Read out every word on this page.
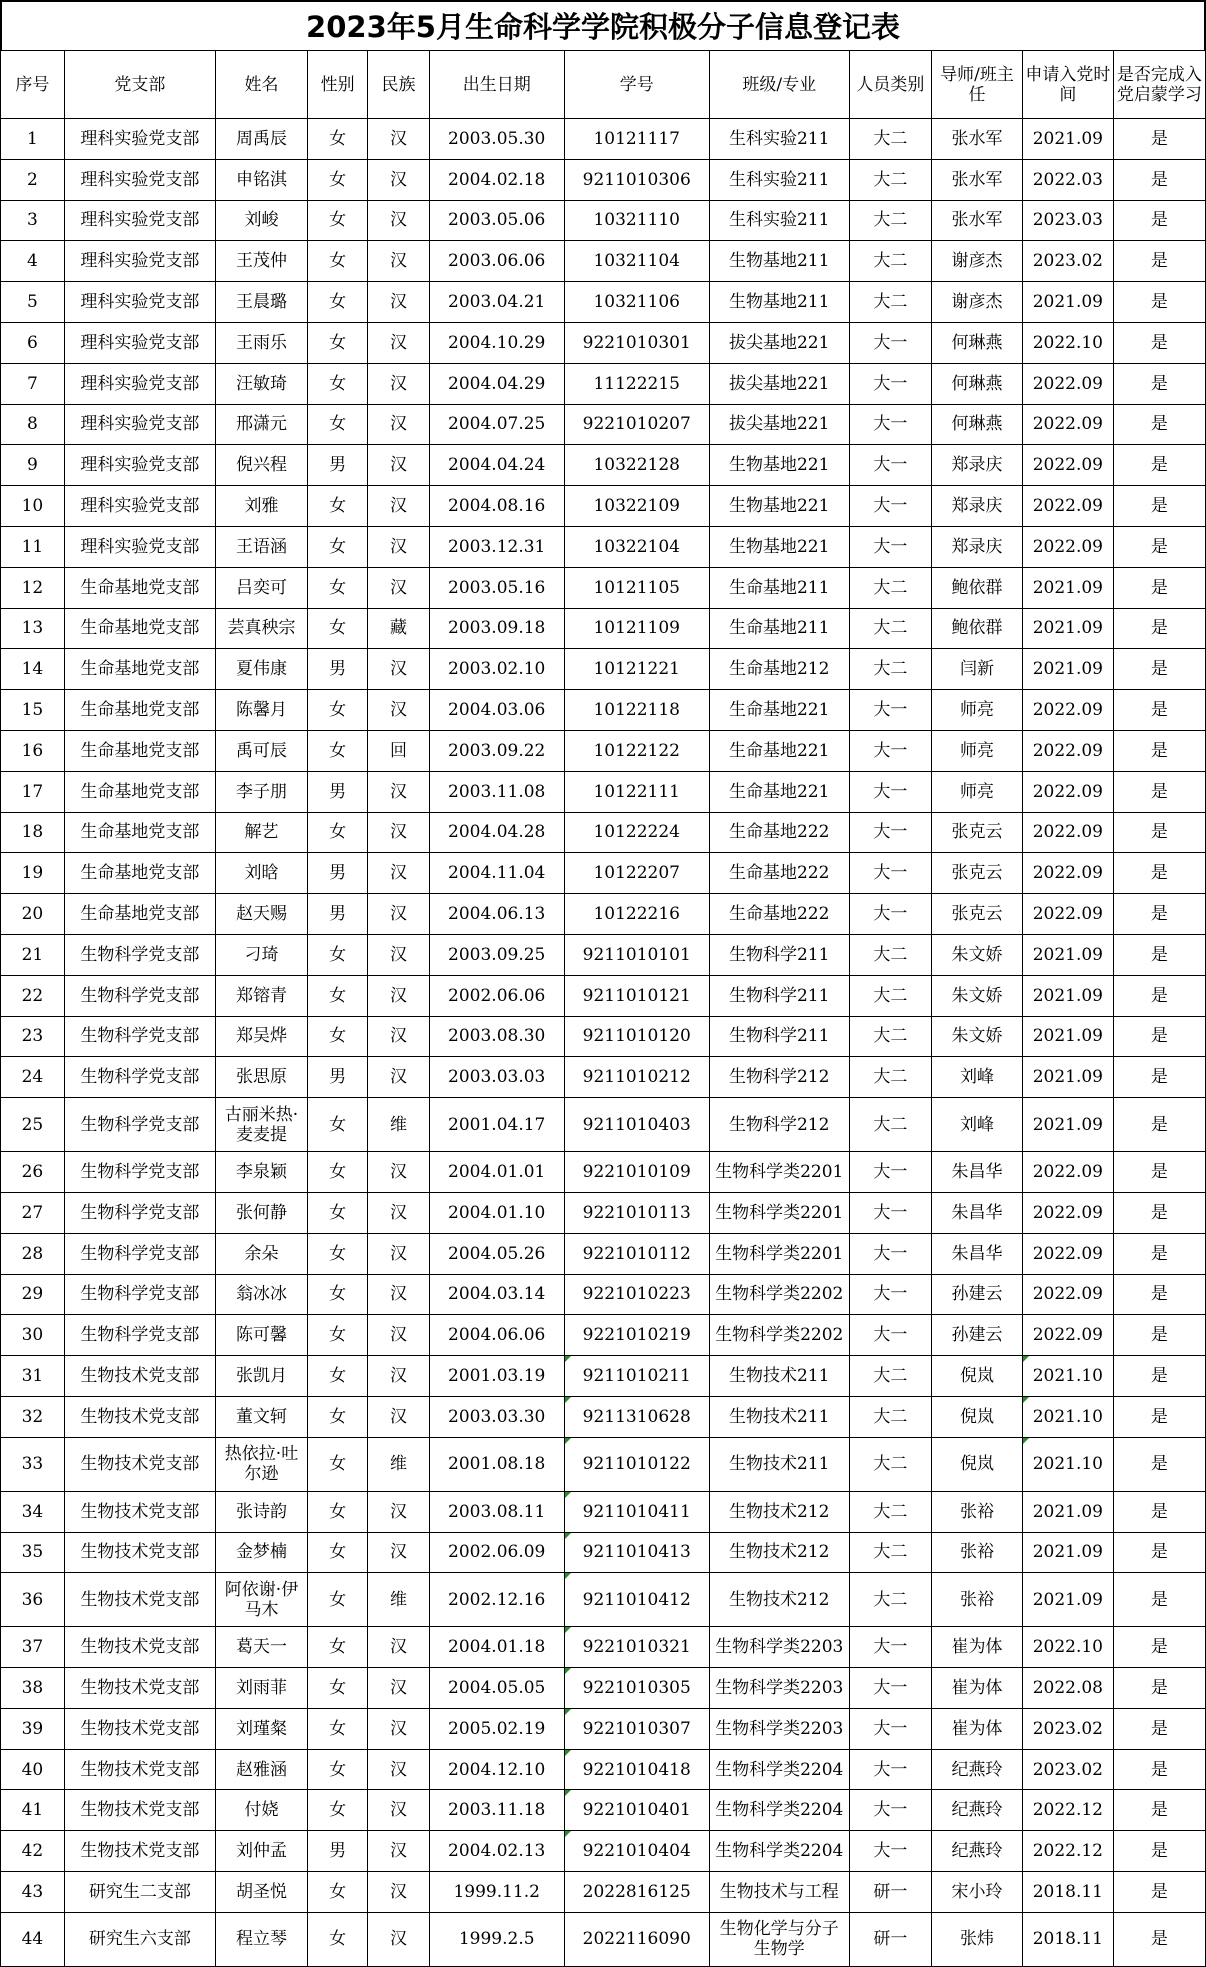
2023年5月生命科学学院积极分子信息登记表
序号	党支部	姓名	性别	民族	出生日期	学号	班级/专业	人员类别	导师/班主任	申请入党时间	是否完成入党启蒙学习
1	理科实验党支部	周禹辰	女	汉	2003.05.30	10121117	生科实验211	大二	张水军	2021.09	是
2	理科实验党支部	申铭淇	女	汉	2004.02.18	9211010306	生科实验211	大二	张水军	2022.03	是
3	理科实验党支部	刘峻	女	汉	2003.05.06	10321110	生科实验211	大二	张水军	2023.03	是
4	理科实验党支部	王茂仲	女	汉	2003.06.06	10321104	生物基地211	大二	谢彦杰	2023.02	是
5	理科实验党支部	王晨璐	女	汉	2003.04.21	10321106	生物基地211	大二	谢彦杰	2021.09	是
6	理科实验党支部	王雨乐	女	汉	2004.10.29	9221010301	拔尖基地221	大一	何琳燕	2022.10	是
7	理科实验党支部	汪敏琦	女	汉	2004.04.29	11122215	拔尖基地221	大一	何琳燕	2022.09	是
8	理科实验党支部	邢潇元	女	汉	2004.07.25	9221010207	拔尖基地221	大一	何琳燕	2022.09	是
9	理科实验党支部	倪兴程	男	汉	2004.04.24	10322128	生物基地221	大一	郑录庆	2022.09	是
10	理科实验党支部	刘雅	女	汉	2004.08.16	10322109	生物基地221	大一	郑录庆	2022.09	是
11	理科实验党支部	王语涵	女	汉	2003.12.31	10322104	生物基地221	大一	郑录庆	2022.09	是
12	生命基地党支部	吕奕可	女	汉	2003.05.16	10121105	生命基地211	大二	鲍依群	2021.09	是
13	生命基地党支部	芸真秧宗	女	藏	2003.09.18	10121109	生命基地211	大二	鲍依群	2021.09	是
14	生命基地党支部	夏伟康	男	汉	2003.02.10	10121221	生命基地212	大二	闫新	2021.09	是
15	生命基地党支部	陈馨月	女	汉	2004.03.06	10122118	生命基地221	大一	师亮	2022.09	是
16	生命基地党支部	禹可辰	女	回	2003.09.22	10122122	生命基地221	大一	师亮	2022.09	是
17	生命基地党支部	李子朋	男	汉	2003.11.08	10122111	生命基地221	大一	师亮	2022.09	是
18	生命基地党支部	解艺	女	汉	2004.04.28	10122224	生命基地222	大一	张克云	2022.09	是
19	生命基地党支部	刘晗	男	汉	2004.11.04	10122207	生命基地222	大一	张克云	2022.09	是
20	生命基地党支部	赵天赐	男	汉	2004.06.13	10122216	生命基地222	大一	张克云	2022.09	是
21	生物科学党支部	刁琦	女	汉	2003.09.25	9211010101	生物科学211	大二	朱文娇	2021.09	是
22	生物科学党支部	郑镕青	女	汉	2002.06.06	9211010121	生物科学211	大二	朱文娇	2021.09	是
23	生物科学党支部	郑吴烨	女	汉	2003.08.30	9211010120	生物科学211	大二	朱文娇	2021.09	是
24	生物科学党支部	张思原	男	汉	2003.03.03	9211010212	生物科学212	大二	刘峰	2021.09	是
25	生物科学党支部	古丽米热·麦麦提	女	维	2001.04.17	9211010403	生物科学212	大二	刘峰	2021.09	是
26	生物科学党支部	李泉颖	女	汉	2004.01.01	9221010109	生物科学类2201	大一	朱昌华	2022.09	是
27	生物科学党支部	张何静	女	汉	2004.01.10	9221010113	生物科学类2201	大一	朱昌华	2022.09	是
28	生物科学党支部	余朵	女	汉	2004.05.26	9221010112	生物科学类2201	大一	朱昌华	2022.09	是
29	生物科学党支部	翁冰冰	女	汉	2004.03.14	9221010223	生物科学类2202	大一	孙建云	2022.09	是
30	生物科学党支部	陈可馨	女	汉	2004.06.06	9221010219	生物科学类2202	大一	孙建云	2022.09	是
31	生物技术党支部	张凯月	女	汉	2001.03.19	9211010211	生物技术211	大二	倪岚	2021.10	是
32	生物技术党支部	董文轲	女	汉	2003.03.30	9211310628	生物技术211	大二	倪岚	2021.10	是
33	生物技术党支部	热依拉·吐尔逊	女	维	2001.08.18	9211010122	生物技术211	大二	倪岚	2021.10	是
34	生物技术党支部	张诗韵	女	汉	2003.08.11	9211010411	生物技术212	大二	张裕	2021.09	是
35	生物技术党支部	金梦楠	女	汉	2002.06.09	9211010413	生物技术212	大二	张裕	2021.09	是
36	生物技术党支部	阿依谢·伊马木	女	维	2002.12.16	9211010412	生物技术212	大二	张裕	2021.09	是
37	生物技术党支部	葛天一	女	汉	2004.01.18	9221010321	生物科学类2203	大一	崔为体	2022.10	是
38	生物技术党支部	刘雨菲	女	汉	2004.05.05	9221010305	生物科学类2203	大一	崔为体	2022.08	是
39	生物技术党支部	刘瑾粲	女	汉	2005.02.19	9221010307	生物科学类2203	大一	崔为体	2023.02	是
40	生物技术党支部	赵雅涵	女	汉	2004.12.10	9221010418	生物科学类2204	大一	纪燕玲	2023.02	是
41	生物技术党支部	付娆	女	汉	2003.11.18	9221010401	生物科学类2204	大一	纪燕玲	2022.12	是
42	生物技术党支部	刘仲孟	男	汉	2004.02.13	9221010404	生物科学类2204	大一	纪燕玲	2022.12	是
43	研究生二支部	胡圣悦	女	汉	1999.11.2	2022816125	生物技术与工程	研一	宋小玲	2018.11	是
44	研究生六支部	程立琴	女	汉	1999.2.5	2022116090	生物化学与分子生物学	研一	张炜	2018.11	是
